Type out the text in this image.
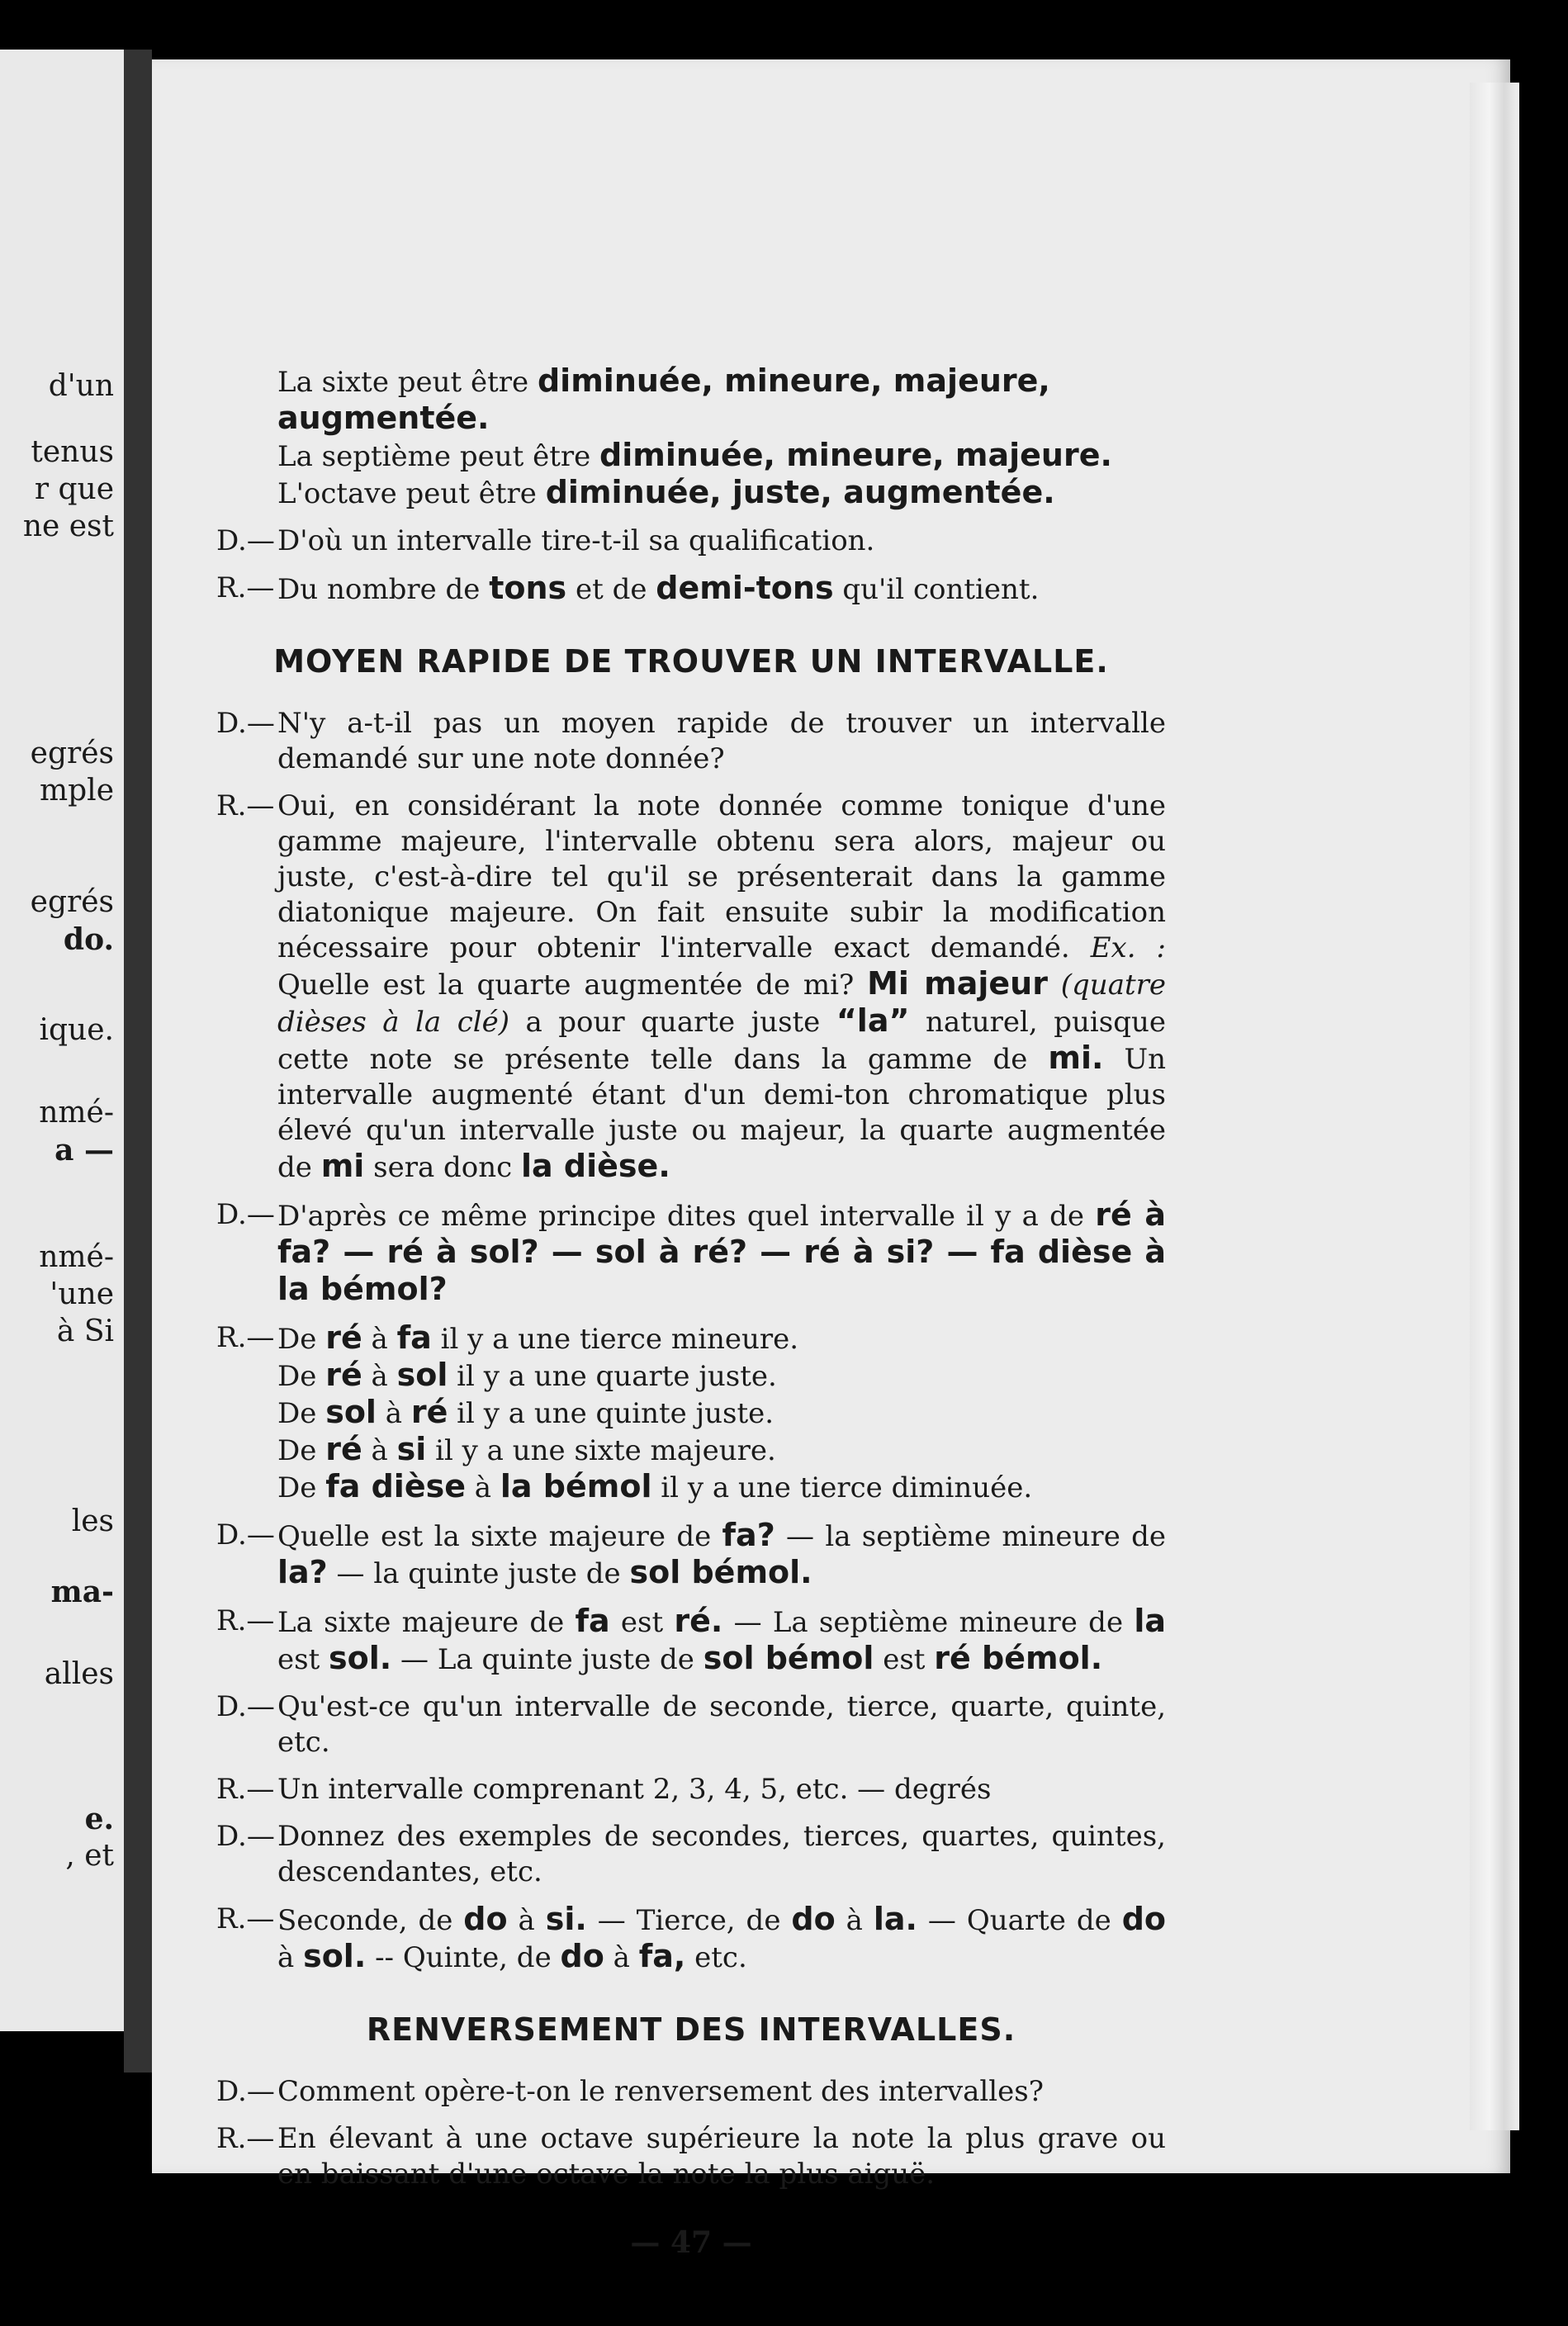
d'un
tenus
r que
ne est
egrés
mple
egrés
do.
ique.
nmé-
a —
nmé-
'une
à Si
les
ma-
alles
e.
, et

La sixte peut être diminuée, mineure, majeure, augmentée.

La septième peut être diminuée, mineure, majeure.

L'octave peut être diminuée, juste, augmentée.

D.— D'où un intervalle tire-t-il sa qualification.
R.— Du nombre de tons et de demi-tons qu'il contient.
MOYEN RAPIDE DE TROUVER UN INTERVALLE.
D.— N'y a-t-il pas un moyen rapide de trouver un intervalle demandé sur une note donnée?
R.— Oui, en considérant la note donnée comme tonique d'une gamme majeure, l'intervalle obtenu sera alors, majeur ou juste, c'est-à-dire tel qu'il se présenterait dans la gamme diatonique majeure. On fait ensuite subir la modification nécessaire pour obtenir l'intervalle exact demandé. Ex. : Quelle est la quarte augmentée de mi? Mi majeur (quatre dièses à la clé) a pour quarte juste “la” naturel, puisque cette note se présente telle dans la gamme de mi. Un intervalle augmenté étant d'un demi-ton chromatique plus élevé qu'un intervalle juste ou majeur, la quarte augmentée de mi sera donc la dièse.
D.— D'après ce même principe dites quel intervalle il y a de ré à fa? — ré à sol? — sol à ré? — ré à si? — fa dièse à la bémol?
R.— De ré à fa il y a une tierce mineure.
De ré à sol il y a une quarte juste.
De sol à ré il y a une quinte juste.
De ré à si il y a une sixte majeure.
De fa dièse à la bémol il y a une tierce diminuée.
D.— Quelle est la sixte majeure de fa? — la septième mineure de la? — la quinte juste de sol bémol.
R.— La sixte majeure de fa est ré. — La septième mineure de la est sol. — La quinte juste de sol bémol est ré bémol.
D.— Qu'est-ce qu'un intervalle de seconde, tierce, quarte, quinte, etc.
R.— Un intervalle comprenant 2, 3, 4, 5, etc. — degrés
D.— Donnez des exemples de secondes, tierces, quartes, quintes, descendantes, etc.
R.— Seconde, de do à si. — Tierce, de do à la. — Quarte de do à sol. -- Quinte, de do à fa, etc.
RENVERSEMENT DES INTERVALLES.
D.— Comment opère-t-on le renversement des intervalles?
R.— En élevant à une octave supérieure la note la plus grave ou en baissant d'une octave la note la plus aiguë.
— 47 —
